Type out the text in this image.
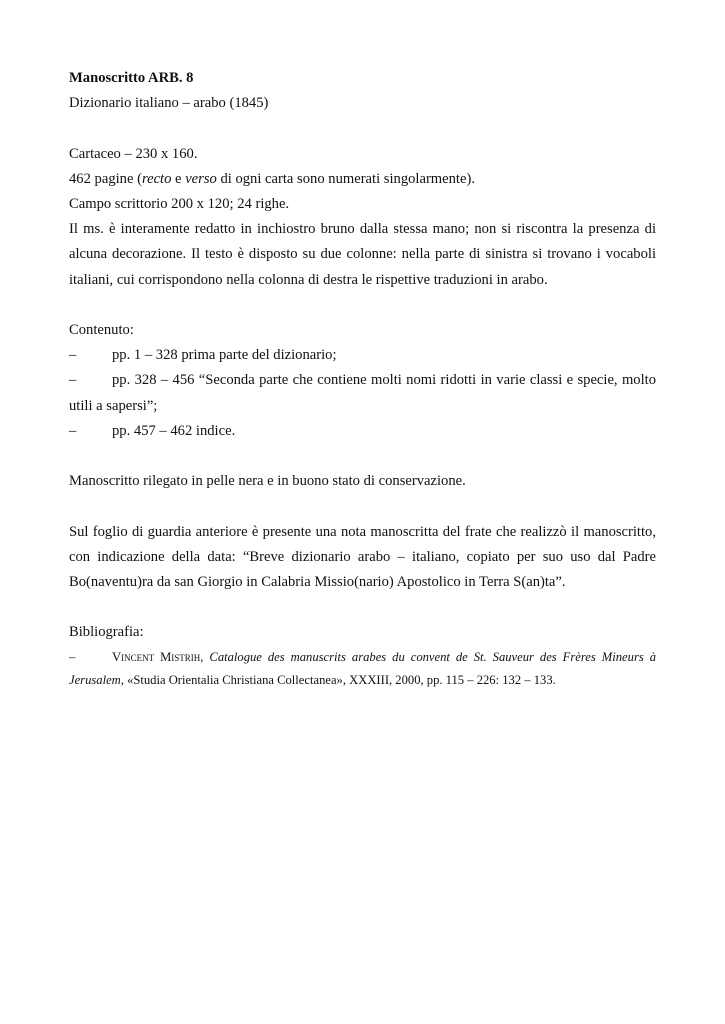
Manoscritto ARB. 8
Dizionario italiano – arabo (1845)
Cartaceo – 230 x 160.
462 pagine (recto e verso di ogni carta sono numerati singolarmente).
Campo scrittorio 200 x 120; 24 righe.
Il ms. è interamente redatto in inchiostro bruno dalla stessa mano; non si riscontra la presenza di alcuna decorazione. Il testo è disposto su due colonne: nella parte di sinistra si trovano i vocaboli italiani, cui corrispondono nella colonna di destra le rispettive traduzioni in arabo.
Contenuto:
– pp. 1 – 328 prima parte del dizionario;
– pp. 328 – 456 “Seconda parte che contiene molti nomi ridotti in varie classi e specie, molto utili a sapersi”;
– pp. 457 – 462 indice.
Manoscritto rilegato in pelle nera e in buono stato di conservazione.
Sul foglio di guardia anteriore è presente una nota manoscritta del frate che realizzò il manoscritto, con indicazione della data: “Breve dizionario arabo – italiano, copiato per suo uso dal Padre Bo(naventu)ra da san Giorgio in Calabria Missio(nario) Apostolico in Terra S(an)ta”.
Bibliografia:
–	Vincent Mistrih, Catalogue des manuscrits arabes du convent de St. Sauveur des Frères Mineurs à Jerusalem, «Studia Orientalia Christiana Collectanea», XXXIII, 2000, pp. 115 – 226: 132 – 133.
